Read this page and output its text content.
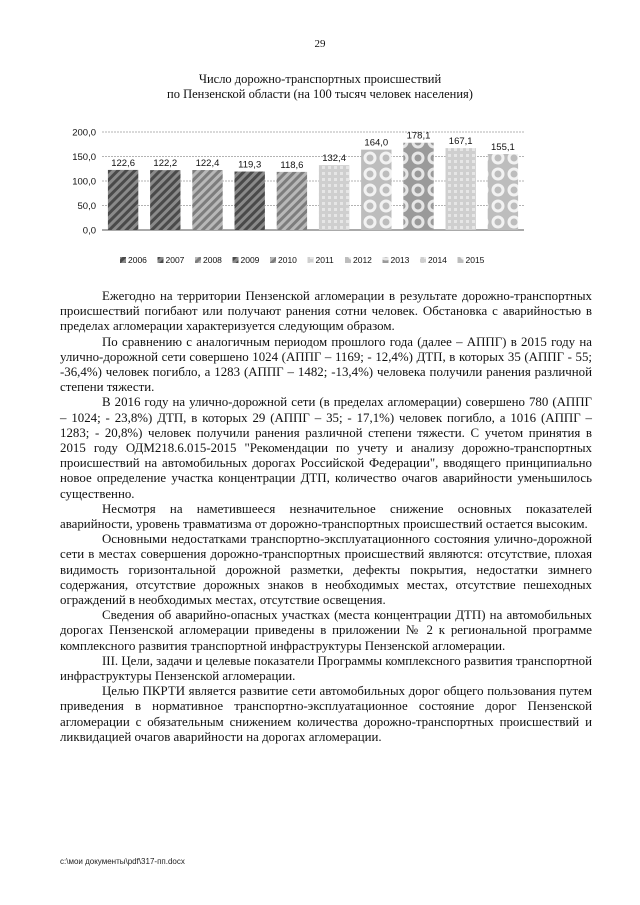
29
Число дорожно-транспортных происшествий
по Пензенской области (на 100 тысяч человек населения)
0,0
50,0
100,0
150,0
200,0
122,6 122,2 122,4 119,3 118,6
132,4
164,0
178,1 167,1
155,1
2006 2007 2008 2009 2010 2011 2012 2013 2014 2015

Ежегодно на территории Пензенской агломерации в результате дорожно-транспортных происшествий погибают или получают ранения сотни человек. Обстановка с аварийностью в пределах агломерации характеризуется следующим образом.

По сравнению с аналогичным периодом прошлого года (далее – АППГ) в 2015 году на улично-дорожной сети совершено 1024 (АППГ – 1169; - 12,4%) ДТП, в которых 35 (АППГ - 55; -36,4%) человек погибло, а 1283 (АППГ – 1482; -13,4%) человека получили ранения различной степени тяжести.

В 2016 году на улично-дорожной сети (в пределах агломерации) совершено 780 (АППГ – 1024; - 23,8%) ДТП, в которых 29 (АППГ – 35; - 17,1%) человек погибло, а 1016 (АППГ – 1283; - 20,8%) человек получили ранения различной степени тяжести. С учетом принятия в 2015 году ОДМ218.6.015-2015 "Рекомендации по учету и анализу дорожно-транспортных происшествий на автомобильных дорогах Российской Федерации", вводящего принципиально новое определение участка концентрации ДТП, количество очагов аварийности уменьшилось существенно.

Несмотря на наметившееся незначительное снижение основных показателей аварийности, уровень травматизма от дорожно-транспортных происшествий остается высоким.

Основными недостатками транспортно-эксплуатационного состояния улично-дорожной сети в местах совершения дорожно-транспортных происшествий являются: отсутствие, плохая видимость горизонтальной дорожной разметки, дефекты покрытия, недостатки зимнего содержания, отсутствие дорожных знаков в необходимых местах, отсутствие пешеходных ограждений в необходимых местах, отсутствие освещения.

Сведения об аварийно-опасных участках (места концентрации ДТП) на автомобильных дорогах Пензенской агломерации приведены в приложении № 2 к региональной программе комплексного развития транспортной инфраструктуры Пензенской агломерации.

III. Цели, задачи и целевые показатели Программы комплексного развития транспортной инфраструктуры Пензенской агломерации.

Целью ПКРТИ является развитие сети автомобильных дорог общего пользования путем приведения в нормативное транспортно-эксплуатационное состояние дорог Пензенской агломерации с обязательным снижением количества дорожно-транспортных происшествий и ликвидацией очагов аварийности на дорогах агломерации.

c:\мои документы\pdf\317-пп.docx
